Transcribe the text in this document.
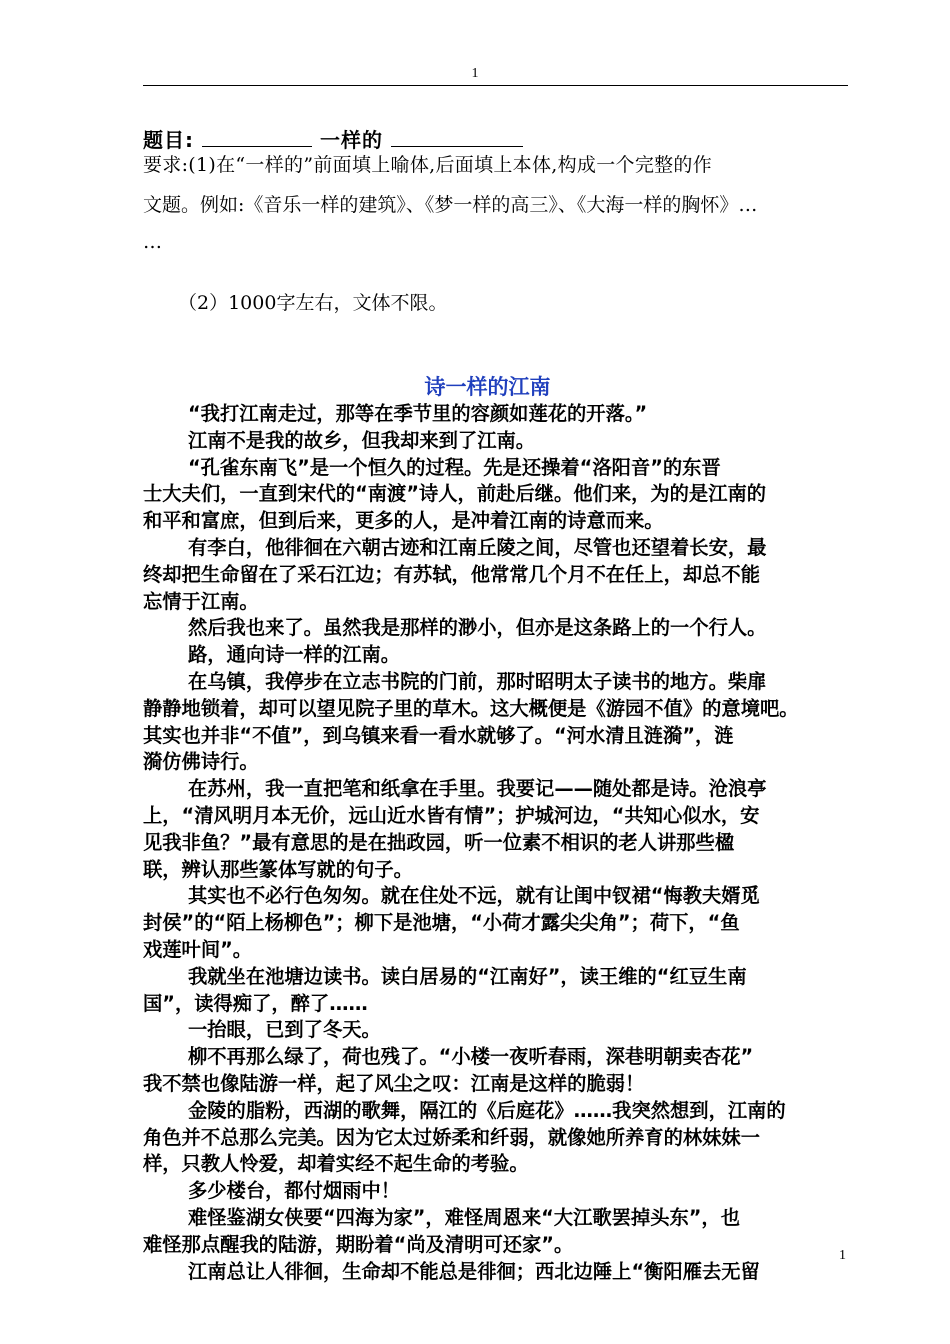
1
题目:	一样的
要求:(1)在“一样的”前面填上喻体,后面填上本体,构成一个完整的作
文题。例如:《音乐一样的建筑》、《梦一样的高三》、《大海一样的胸怀》…
…
（2）1000字左右，文体不限。
诗一样的江南
“我打江南走过，那等在季节里的容颜如莲花的开落。”
江南不是我的故乡，但我却来到了江南。
“孔雀东南飞”是一个恒久的过程。先是还操着“洛阳音”的东晋
士大夫们，一直到宋代的“南渡”诗人，前赴后继。他们来，为的是江南的
和平和富庶，但到后来，更多的人，是冲着江南的诗意而来。
有李白，他徘徊在六朝古迹和江南丘陵之间，尽管也还望着长安，最
终却把生命留在了采石江边；有苏轼，他常常几个月不在任上，却总不能
忘情于江南。
然后我也来了。虽然我是那样的渺小，但亦是这条路上的一个行人。
路，通向诗一样的江南。
在乌镇，我停步在立志书院的门前，那时昭明太子读书的地方。柴扉
静静地锁着，却可以望见院子里的草木。这大概便是《游园不值》的意境吧。
其实也并非“不值”，到乌镇来看一看水就够了。“河水清且涟漪”，涟
漪仿佛诗行。
在苏州，我一直把笔和纸拿在手里。我要记——随处都是诗。沧浪亭
上，“清风明月本无价，远山近水皆有情”；护城河边，“共知心似水，安
见我非鱼？”最有意思的是在拙政园，听一位素不相识的老人讲那些楹
联，辨认那些篆体写就的句子。
其实也不必行色匆匆。就在住处不远，就有让闺中钗裙“悔教夫婿觅
封侯”的“陌上杨柳色”；柳下是池塘，“小荷才露尖尖角”；荷下，“鱼
戏莲叶间”。
我就坐在池塘边读书。读白居易的“江南好”，读王维的“红豆生南
国”，读得痴了，醉了……
一抬眼，已到了冬天。
柳不再那么绿了，荷也残了。“小楼一夜听春雨，深巷明朝卖杏花”
我不禁也像陆游一样，起了风尘之叹：江南是这样的脆弱！
金陵的脂粉，西湖的歌舞，隔江的《后庭花》……我突然想到，江南的
角色并不总那么完美。因为它太过娇柔和纤弱，就像她所养育的林妹妹一
样，只教人怜爱，却着实经不起生命的考验。
多少楼台，都付烟雨中！
难怪鉴湖女侠要“四海为家”，难怪周恩来“大江歌罢掉头东”，也
难怪那点醒我的陆游，期盼着“尚及清明可还家”。
江南总让人徘徊，生命却不能总是徘徊；西北边陲上“衡阳雁去无留
1
